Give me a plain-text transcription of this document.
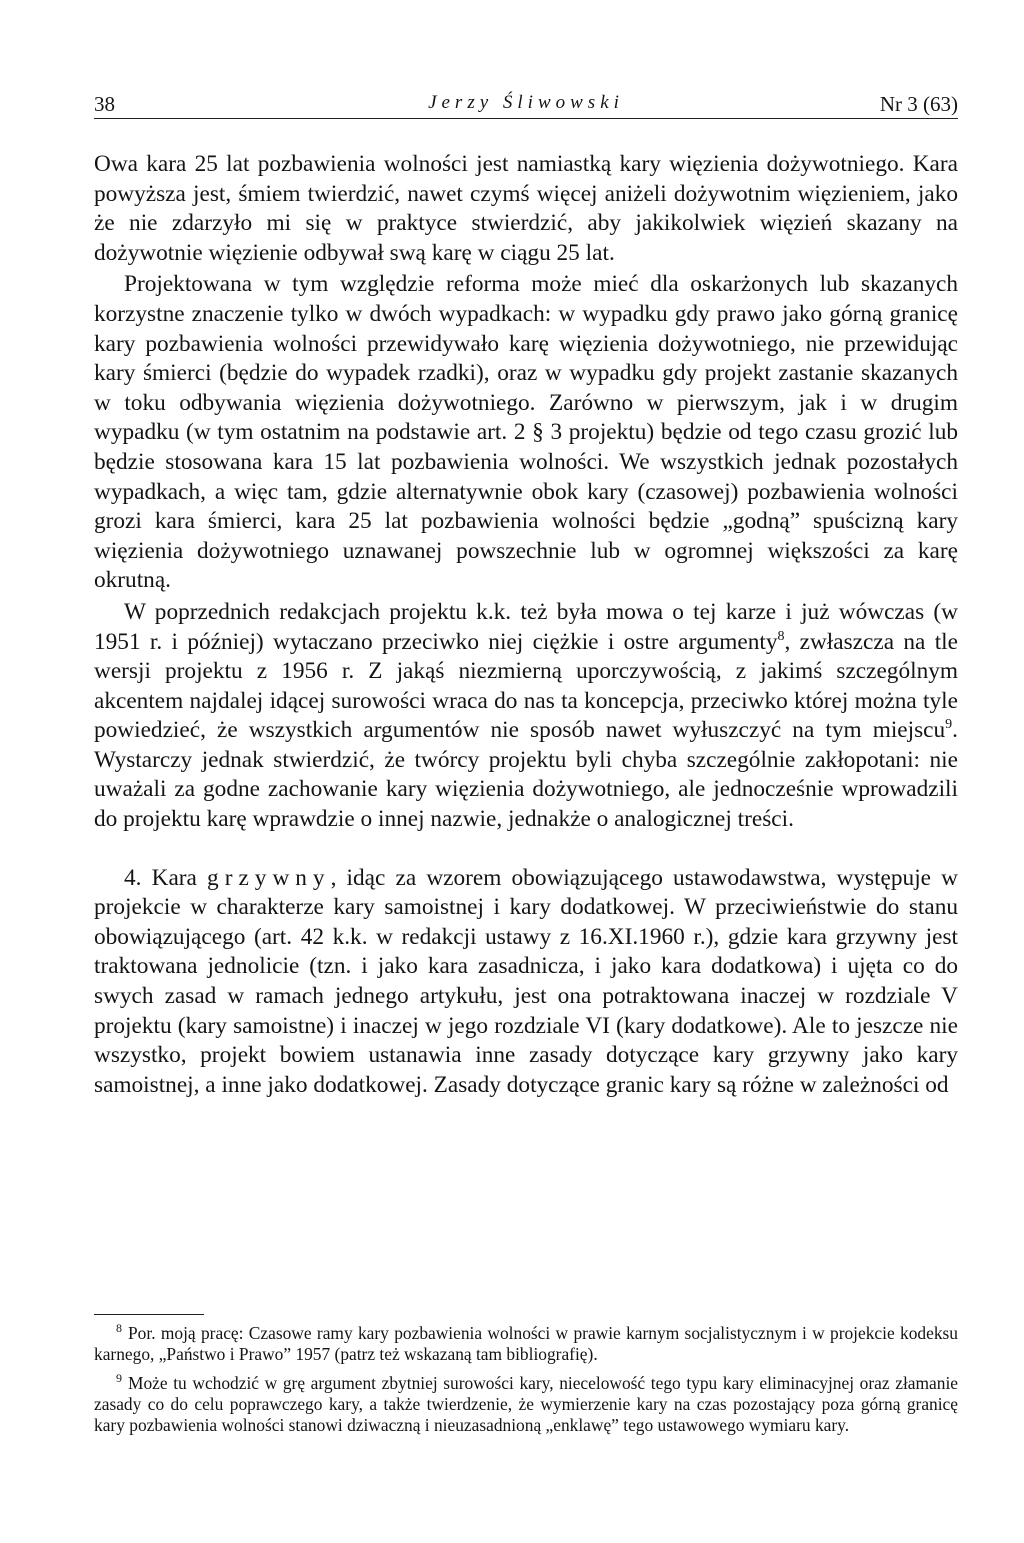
38	Jerzy Śliwowski	Nr 3 (63)

Owa kara 25 lat pozbawienia wolności jest namiastką kary więzienia dożywotniego. Kara powyższa jest, śmiem twierdzić, nawet czymś więcej aniżeli dożywotnim więzieniem, jako że nie zdarzyło mi się w praktyce stwierdzić, aby jakikolwiek więzień skazany na dożywotnie więzienie odbywał swą karę w ciągu 25 lat.

Projektowana w tym względzie reforma może mieć dla oskarżonych lub skazanych korzystne znaczenie tylko w dwóch wypadkach: w wypadku gdy prawo jako górną granicę kary pozbawienia wolności przewidywało karę więzienia dożywotniego, nie przewidując kary śmierci (będzie do wypadek rzadki), oraz w wypadku gdy projekt zastanie skazanych w toku odbywania więzienia dożywotniego. Zarówno w pierwszym, jak i w drugim wypadku (w tym ostatnim na podstawie art. 2 § 3 projektu) będzie od tego czasu grozić lub będzie stosowana kara 15 lat pozbawienia wolności. We wszystkich jednak pozostałych wypadkach, a więc tam, gdzie alternatywnie obok kary (czasowej) pozbawienia wolności grozi kara śmierci, kara 25 lat pozbawienia wolności będzie „godną” spuścizną kary więzienia dożywotniego uznawanej powszechnie lub w ogromnej większości za karę okrutną.

W poprzednich redakcjach projektu k.k. też była mowa o tej karze i już wówczas (w 1951 r. i później) wytaczano przeciwko niej ciężkie i ostre argumenty$^8$, zwłaszcza na tle wersji projektu z 1956 r. Z jakąś niezmierną uporczywością, z jakimś szczególnym akcentem najdalej idącej surowości wraca do nas ta koncepcja, przeciwko której można tyle powiedzieć, że wszystkich argumentów nie sposób nawet wyłuszczyć na tym miejscu$^9$. Wystarczy jednak stwierdzić, że twórcy projektu byli chyba szczególnie zakłopotani: nie uważali za godne zachowanie kary więzienia dożywotniego, ale jednocześnie wprowadzili do projektu karę wprawdzie o innej nazwie, jednakże o analogicznej treści.

4. Kara grzywny, idąc za wzorem obowiązującego ustawodawstwa, występuje w projekcie w charakterze kary samoistnej i kary dodatkowej. W przeciwieństwie do stanu obowiązującego (art. 42 k.k. w redakcji ustawy z 16.XI.1960 r.), gdzie kara grzywny jest traktowana jednolicie (tzn. i jako kara zasadnicza, i jako kara dodatkowa) i ujęta co do swych zasad w ramach jednego artykułu, jest ona potraktowana inaczej w rozdziale V projektu (kary samoistne) i inaczej w jego rozdziale VI (kary dodatkowe). Ale to jeszcze nie wszystko, projekt bowiem ustanawia inne zasady dotyczące kary grzywny jako kary samoistnej, a inne jako dodatkowej. Zasady dotyczące granic kary są różne w zależności od

$^8$ Por. moją pracę: Czasowe ramy kary pozbawienia wolności w prawie karnym socjalistycznym i w projekcie kodeksu karnego, „Państwo i Prawo” 1957 (patrz też wskazaną tam bibliografię).

$^9$ Może tu wchodzić w grę argument zbytniej surowości kary, niecelowość tego typu kary eliminacyjnej oraz złamanie zasady co do celu poprawczego kary, a także twierdzenie, że wymierzenie kary na czas pozostający poza górną granicę kary pozbawienia wolności stanowi dziwaczną i nieuzasadnioną „enklawę” tego ustawowego wymiaru kary.
